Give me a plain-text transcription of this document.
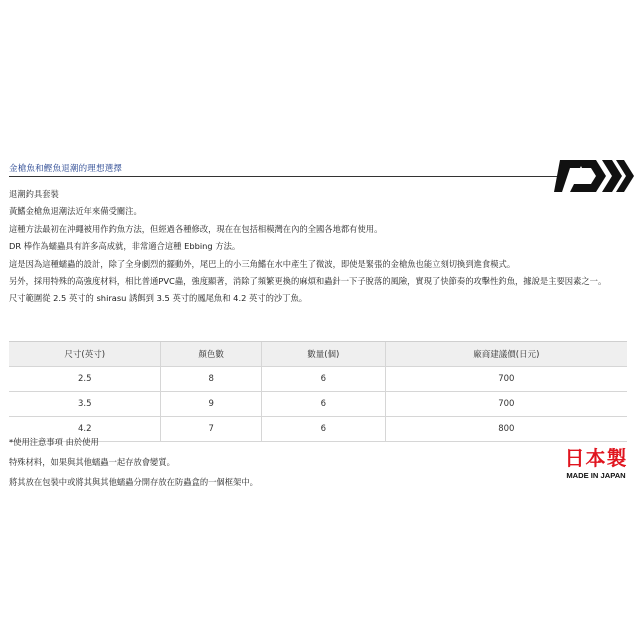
金槍魚和鰹魚退潮的理想選擇

退潮釣具套裝

黃鰭金槍魚退潮法近年來備受關注。

這種方法最初在沖繩被用作釣魚方法，但經過各種修改，現在在包括相模灣在內的全國各地都有使用。

DR 棒作為蠕蟲具有許多高成就，非常適合這種 Ebbing 方法。

這是因為這種蠕蟲的設計，除了全身劇烈的擺動外，尾巴上的小三角鰭在水中產生了微波，即使是緊張的金槍魚也能立刻切換到進食模式。

另外，採用特殊的高強度材料，相比普通PVC蟲，強度顯著，消除了頻繁更換的麻煩和蟲針一下子脫落的風險，實現了快節奏的攻擊性釣魚，據說是主要因素之一。

尺寸範圍從 2.5 英寸的 shirasu 誘餌到 3.5 英寸的鳳尾魚和 4.2 英寸的沙丁魚。

尺寸(英寸)	顏色數	數量(個)	廠商建議價(日元)
2.5	8	6	700
3.5	9	6	700
4.2	7	6	800

*使用注意事項 由於使用

特殊材料，如果與其他蠕蟲一起存放會變質。

將其放在包裝中或將其與其他蠕蟲分開存放在防蟲盒的一個框架中。

日本製
MADE IN JAPAN
